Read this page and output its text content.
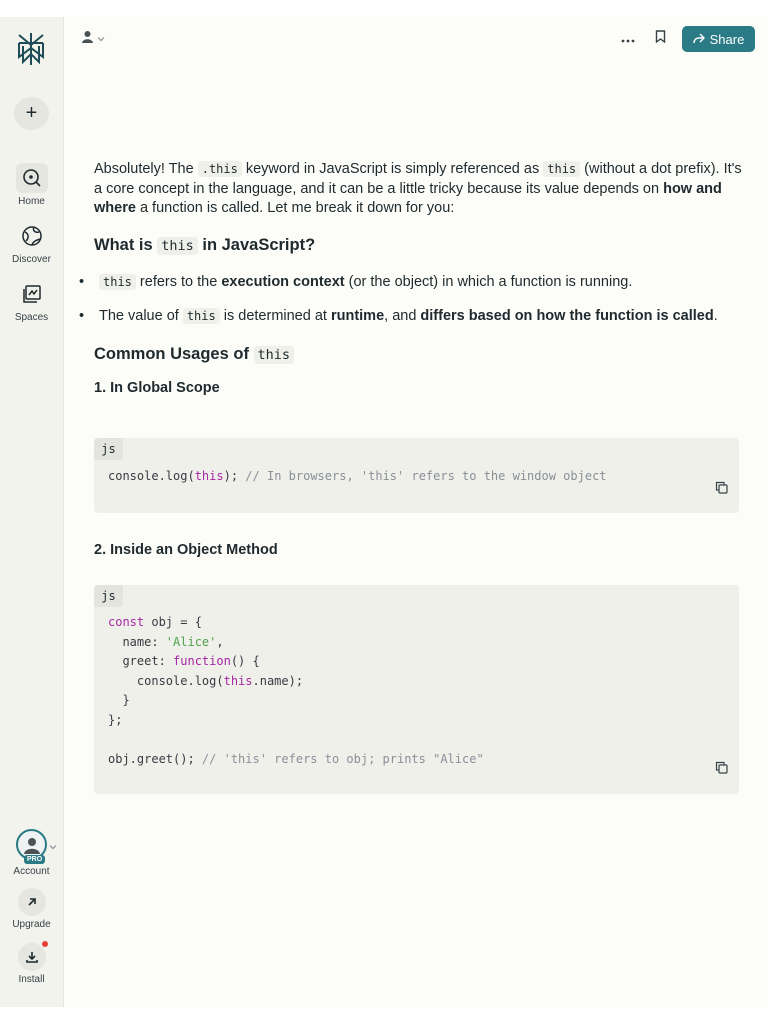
+
Home
Discover
Spaces
PRO
Account
Upgrade
Install
Share

Absolutely! The .this keyword in JavaScript is simply referenced as this (without a dot prefix). It's a core concept in the language, and it can be a little tricky because its value depends on how and where a function is called. Let me break it down for you:

What is this in JavaScript?
• this refers to the execution context (or the object) in which a function is running.
• The value of this is determined at runtime, and differs based on how the function is called.
Common Usages of this
1. In Global Scope
js
console.log(this); // In browsers, 'this' refers to the window object
2. Inside an Object Method
js
const obj = {
name: 'Alice',
greet: function() {
console.log(this.name);
}
};
obj.greet(); // 'this' refers to obj; prints "Alice"
